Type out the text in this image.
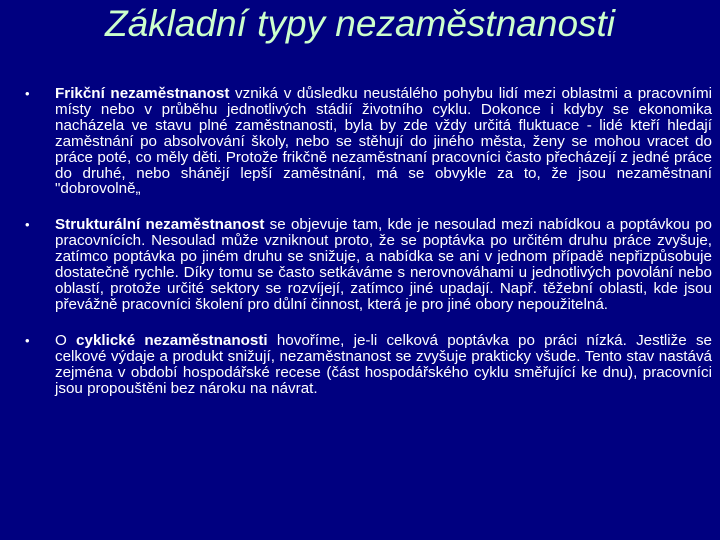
Základní typy nezaměstnanosti
• Frikční nezaměstnanost vzniká v důsledku neustálého pohybu lidí mezi oblastmi a pracovními místy nebo v průběhu jednotlivých stádií životního cyklu. Dokonce i kdyby se ekonomika nacházela ve stavu plné zaměstnanosti, byla by zde vždy určitá fluktuace - lidé kteří hledají zaměstnání po absolvování školy, nebo se stěhují do jiného města, ženy se mohou vracet do práce poté, co měly děti. Protože frikčně nezaměstnaní pracovníci často přecházejí z jedné práce do druhé, nebo shánějí lepší zaměstnání, má se obvykle za to, že jsou nezaměstnaní "dobrovolně„
• Strukturální nezaměstnanost se objevuje tam, kde je nesoulad mezi nabídkou a poptávkou po pracovnících. Nesoulad může vzniknout proto, že se poptávka po určitém druhu práce zvyšuje, zatímco poptávka po jiném druhu se snižuje, a nabídka se ani v jednom případě nepřizpůsobuje dostatečně rychle. Díky tomu se často setkáváme s nerovnováhami u jednotlivých povolání nebo oblastí, protože určité sektory se rozvíjejí, zatímco jiné upadají. Např. těžební oblasti, kde jsou převážně pracovníci školení pro důlní činnost, která je pro jiné obory nepoužitelná.
• O cyklické nezaměstnanosti hovoříme, je-li celková poptávka po práci nízká. Jestliže se celkové výdaje a produkt snižují, nezaměstnanost se zvyšuje prakticky všude. Tento stav nastává zejména v období hospodářské recese (část hospodářského cyklu směřující ke dnu), pracovníci jsou propouštěni bez nároku na návrat.
